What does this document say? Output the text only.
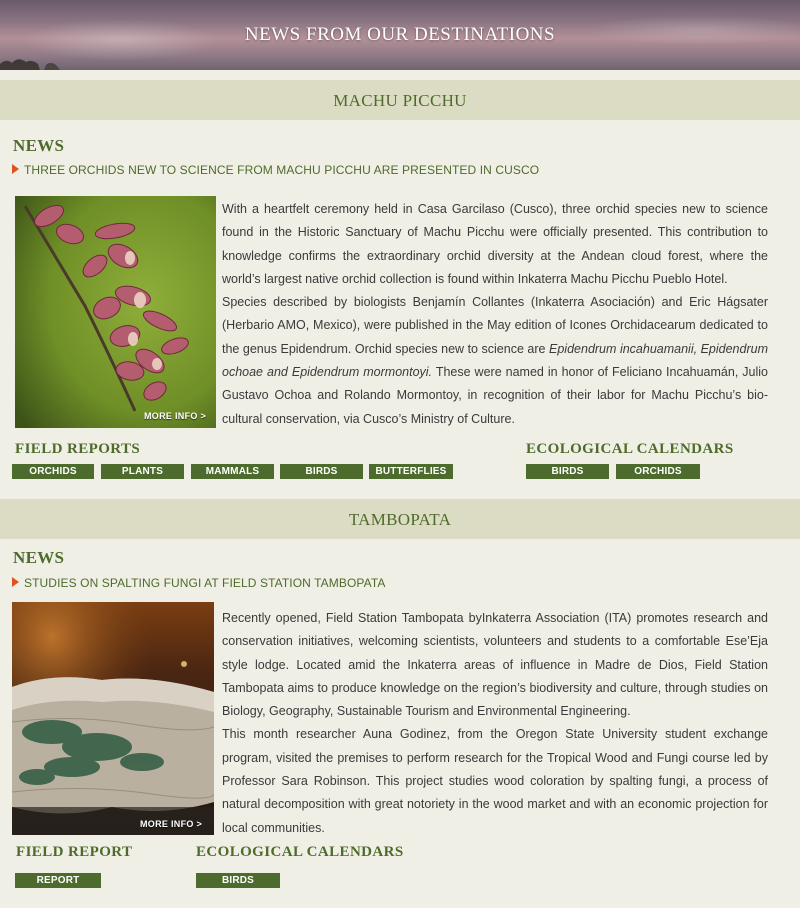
NEWS FROM OUR DESTINATIONS
MACHU PICCHU
NEWS
THREE ORCHIDS NEW TO SCIENCE FROM MACHU PICCHU ARE PRESENTED IN CUSCO
MORE INFO >

With a heartfelt ceremony held in Casa Garcilaso (Cusco), three orchid species new to science found in the Historic Sanctuary of Machu Picchu were officially presented. This contribution to knowledge confirms the extraordinary orchid diversity at the Andean cloud forest, where the world’s largest native orchid collection is found within Inkaterra Machu Picchu Pueblo Hotel.

Species described by biologists Benjamín Collantes (Inkaterra Asociación) and Eric Hágsater (Herbario AMO, Mexico), were published in the May edition of Icones Orchidacearum dedicated to the genus Epidendrum. Orchid species new to science are Epidendrum incahuamanii, Epidendrum ochoae and Epidendrum mormontoyi. These were named in honor of Feliciano Incahuamán, Julio Gustavo Ochoa and Rolando Mormontoy, in recognition of their labor for Machu Picchu’s bio-cultural conservation, via Cusco’s Ministry of Culture.

FIELD REPORTS	ECOLOGICAL CALENDARS
ORCHIDS	PLANTS	MAMMALS	BIRDS	BUTTERFLIES	BIRDS	ORCHIDS
TAMBOPATA
NEWS
STUDIES ON SPALTING FUNGI AT FIELD STATION TAMBOPATA
MORE INFO >

Recently opened, Field Station Tambopata byInkaterra Association (ITA) promotes research and conservation initiatives, welcoming scientists, volunteers and students to a comfortable Ese’Eja style lodge. Located amid the Inkaterra areas of influence in Madre de Dios, Field Station Tambopata aims to produce knowledge on the region’s biodiversity and culture, through studies on Biology, Geography, Sustainable Tourism and Environmental Engineering.

This month researcher Auna Godinez, from the Oregon State University student exchange program, visited the premises to perform research for the Tropical Wood and Fungi course led by Professor Sara Robinson. This project studies wood coloration by spalting fungi, a process of natural decomposition with great notoriety in the wood market and with an economic projection for local communities.

FIELD REPORT	ECOLOGICAL CALENDARS
REPORT	BIRDS
